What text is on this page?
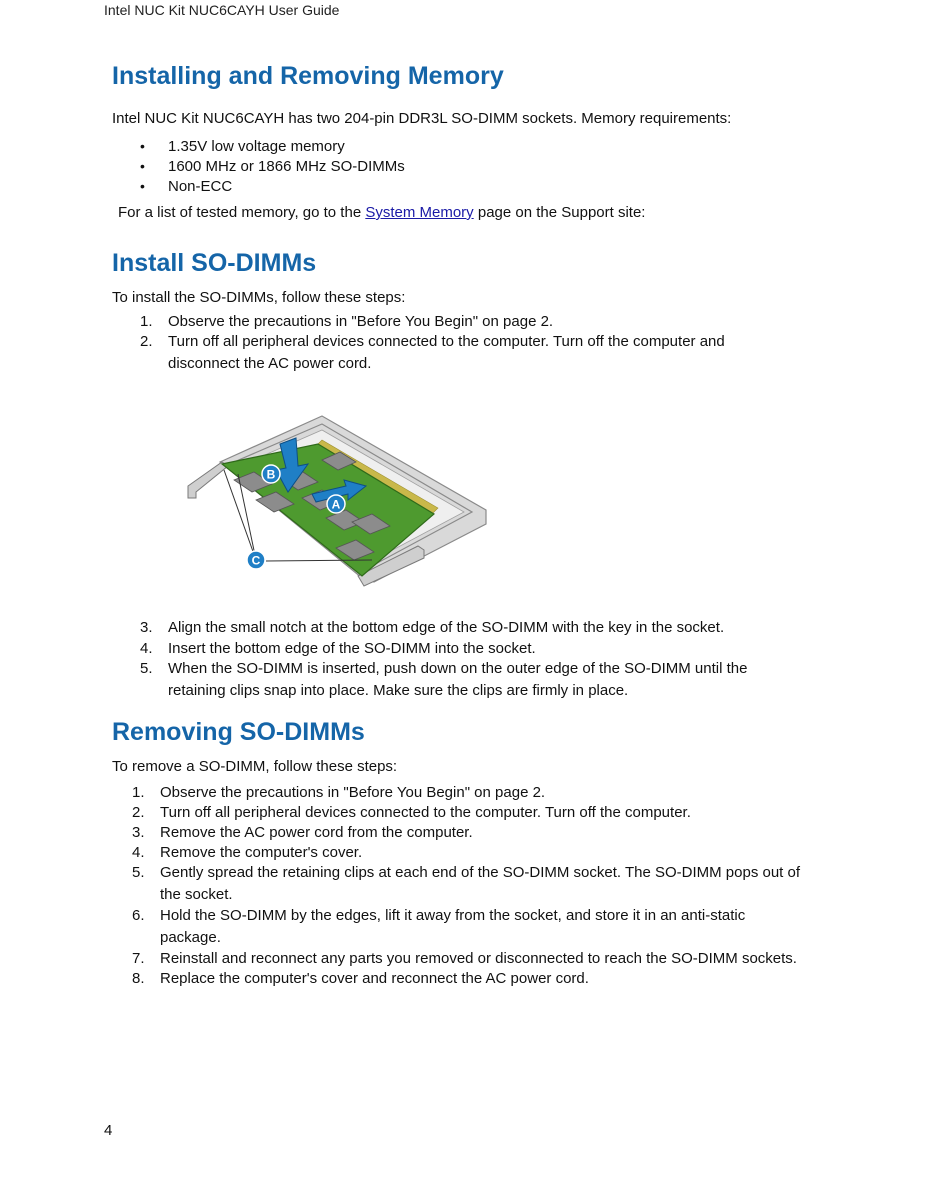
Intel NUC Kit NUC6CAYH User Guide
Installing and Removing Memory

Intel NUC Kit NUC6CAYH has two 204-pin DDR3L SO-DIMM sockets. Memory requirements:

• 1.35V low voltage memory
• 1600 MHz or 1866 MHz SO-DIMMs
• Non-ECC

For a list of tested memory, go to the System Memory page on the Support site:

Install SO-DIMMs

To install the SO-DIMMs, follow these steps:

1. Observe the precautions in "Before You Begin" on page 2.
2. Turn off all peripheral devices connected to the computer. Turn off the computer and
disconnect the AC power cord.
A
B
C
3. Align the small notch at the bottom edge of the SO-DIMM with the key in the socket.
4. Insert the bottom edge of the SO-DIMM into the socket.
5. When the SO-DIMM is inserted, push down on the outer edge of the SO-DIMM until the
retaining clips snap into place. Make sure the clips are firmly in place.
Removing SO-DIMMs

To remove a SO-DIMM, follow these steps:

1. Observe the precautions in "Before You Begin" on page 2.
2. Turn off all peripheral devices connected to the computer. Turn off the computer.
3. Remove the AC power cord from the computer.
4. Remove the computer's cover.
5. Gently spread the retaining clips at each end of the SO-DIMM socket. The SO-DIMM pops out of
the socket.
6. Hold the SO-DIMM by the edges, lift it away from the socket, and store it in an anti-static
package.
7. Reinstall and reconnect any parts you removed or disconnected to reach the SO-DIMM sockets.
8. Replace the computer's cover and reconnect the AC power cord.
4
